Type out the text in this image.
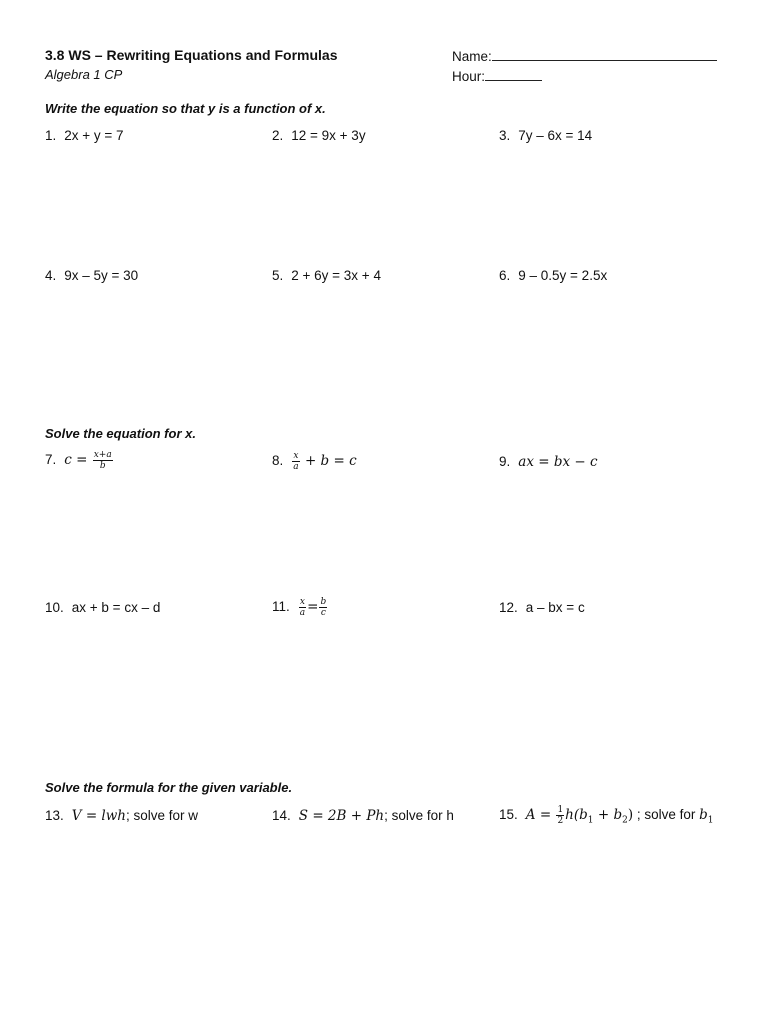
3.8 WS – Rewriting Equations and Formulas
Algebra 1 CP
Name:
Hour:
Write the equation so that y is a function of x.
1. 2x + y = 7	2. 12 = 9x + 3y	3. 7y – 6x = 14
4. 9x – 5y = 30	5. 2 + 6y = 3x + 4	6. 9 – 0.5y = 2.5x
Solve the equation for x.
7. $c = \frac{x+a}{b}$	8. $\frac{x}{a} + b = c$	9. ax = bx − c
10. ax + b = cx – d	11. $\frac{x}{a} = \frac{b}{c}$	12. a – bx = c
Solve the formula for the given variable.
13. V = lwh; solve for w	14. S = 2B + Ph; solve for h	15. $A = \frac{1}{2} h(b_1 + b_2)$ ; solve for $b_1$
